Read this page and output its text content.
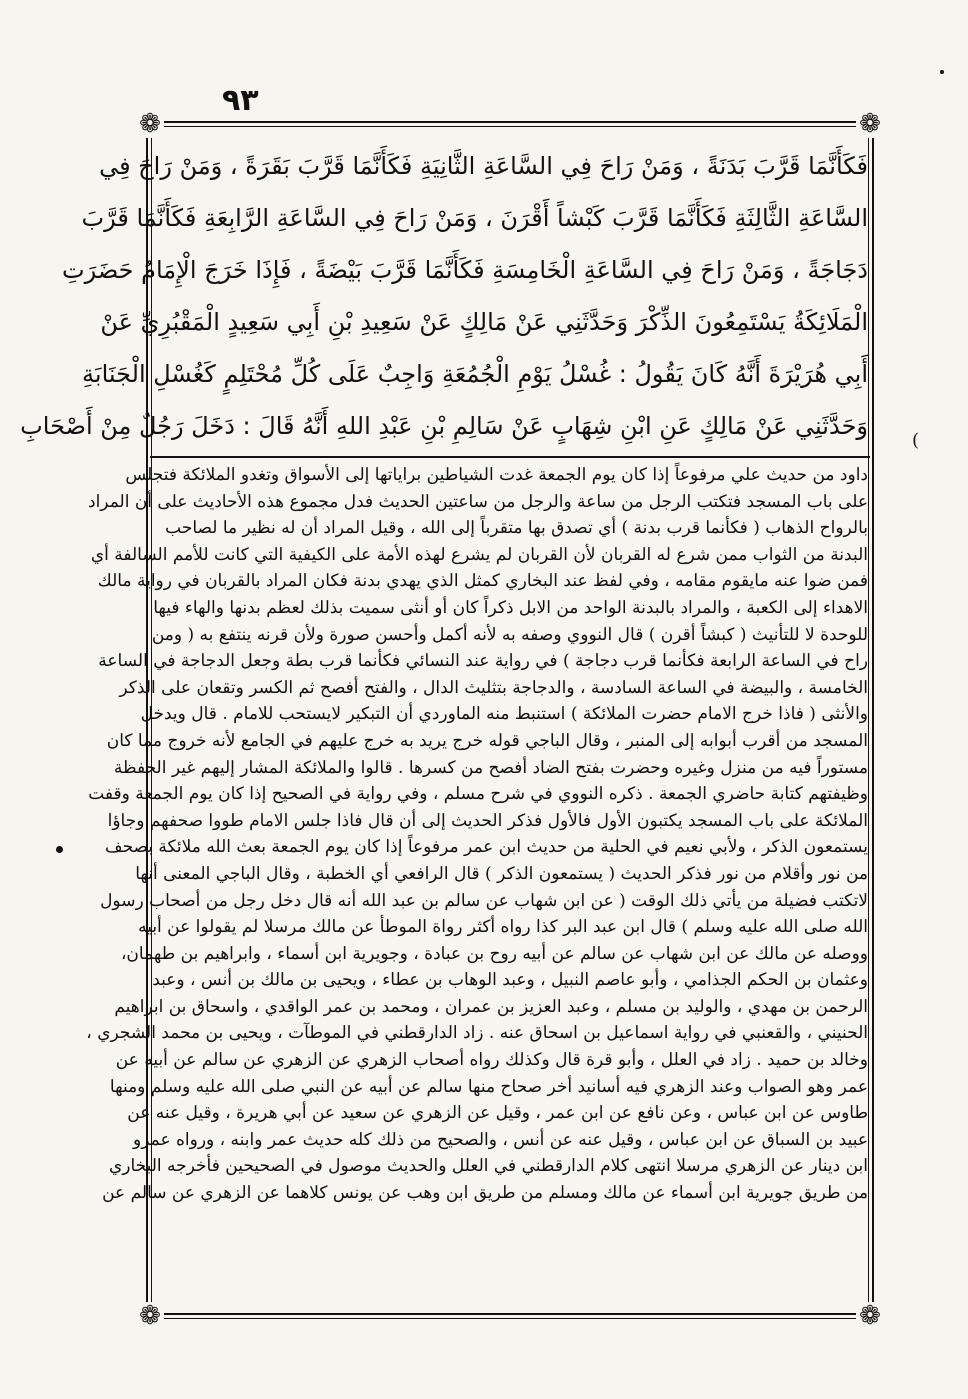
٩٣
❁	❁
❁	❁
فَكَأَنَّمَا قَرَّبَ بَدَنَةً ، وَمَنْ رَاحَ فِي السَّاعَةِ الثَّانِيَةِ فَكَأَنَّمَا قَرَّبَ بَقَرَةً ، وَمَنْ رَاحَ فِي
السَّاعَةِ الثَّالِثَةِ فَكَأَنَّمَا قَرَّبَ كَبْشاً أَقْرَنَ ، وَمَنْ رَاحَ فِي السَّاعَةِ الرَّابِعَةِ فَكَأَنَّمَا قَرَّبَ
دَجَاجَةً ، وَمَنْ رَاحَ فِي السَّاعَةِ الْخَامِسَةِ فَكَأَنَّمَا قَرَّبَ بَيْضَةً ، فَإِذَا خَرَجَ الْإِمَامُ حَضَرَتِ
الْمَلَائِكَةُ يَسْتَمِعُونَ الذِّكْرَ وَحَدَّثَنِي عَنْ مَالِكٍ عَنْ سَعِيدِ بْنِ أَبِي سَعِيدٍ الْمَقْبُرِيِّ عَنْ
أَبِي هُرَيْرَةَ أَنَّهُ كَانَ يَقُولُ : غُسْلُ يَوْمِ الْجُمُعَةِ وَاجِبٌ عَلَى كُلِّ مُحْتَلِمٍ كَغُسْلِ الْجَنَابَةِ
وَحَدَّثَنِي عَنْ مَالِكٍ عَنِ ابْنِ شِهَابٍ عَنْ سَالِمِ بْنِ عَبْدِ اللهِ أَنَّهُ قَالَ : دَخَلَ رَجُلٌ مِنْ أَصْحَابِ
داود من حديث علي مرفوعاً إذا كان يوم الجمعة غدت الشياطين براياتها إلى الأسواق وتغدو الملائكة فتجلس
على باب المسجد فتكتب الرجل من ساعة والرجل من ساعتين الحديث فدل مجموع هذه الأحاديث على أن المراد
بالرواح الذهاب ( فكأنما قرب بدنة ) أي تصدق بها متقرباً إلى الله ، وقيل المراد أن له نظير ما لصاحب
البدنة من الثواب ممن شرع له القربان لأن القربان لم يشرع لهذه الأمة على الكيفية التي كانت للأمم السالفة أي
فمن ضوا عنه مايقوم مقامه ، وفي لفظ عند البخاري كمثل الذي يهدي بدنة فكان المراد بالقربان في رواية مالك
الاهداء إلى الكعبة ، والمراد بالبدنة الواحد من الابل ذكراً كان أو أنثى سميت بذلك لعظم بدنها والهاء فيها
للوحدة لا للتأنيث ( كبشاً أقرن ) قال النووي وصفه به لأنه أكمل وأحسن صورة ولأن قرنه ينتفع به ( ومن
راح في الساعة الرابعة فكأنما قرب دجاجة ) في رواية عند النسائي فكأنما قرب بطة وجعل الدجاجة في الساعة
الخامسة ، والبيضة في الساعة السادسة ، والدجاجة بتثليث الدال ، والفتح أفصح ثم الكسر وتقعان على الذكر
والأنثى ( فاذا خرج الامام حضرت الملائكة ) استنبط منه الماوردي أن التبكير لايستحب للامام . قال ويدخل
المسجد من أقرب أبوابه إلى المنبر ، وقال الباجي قوله خرج يريد به خرج عليهم في الجامع لأنه خروج مما كان
مستوراً فيه من منزل وغيره وحضرت بفتح الضاد أفصح من كسرها . قالوا والملائكة المشار إليهم غير الحفظة
وظيفتهم كتابة حاضري الجمعة . ذكره النووي في شرح مسلم ، وفي رواية في الصحيح إذا كان يوم الجمعة وقفت
الملائكة على باب المسجد يكتبون الأول فالأول فذكر الحديث إلى أن قال فاذا جلس الامام طووا صحفهم وجاؤا
يستمعون الذكر ، ولأبي نعيم في الحلية من حديث ابن عمر مرفوعاً إذا كان يوم الجمعة بعث الله ملائكة بصحف
من نور وأقلام من نور فذكر الحديث ( يستمعون الذكر ) قال الرافعي أي الخطبة ، وقال الباجي المعنى أنها
لاتكتب فضيلة من يأتي ذلك الوقت ( عن ابن شهاب عن سالم بن عبد الله أنه قال دخل رجل من أصحاب رسول
الله صلى الله عليه وسلم ) قال ابن عبد البر كذا رواه أكثر رواة الموطأ عن مالك مرسلا لم يقولوا عن أبيه
ووصله عن مالك عن ابن شهاب عن سالم عن أبيه روح بن عبادة ، وجويرية ابن أسماء ، وابراهيم بن طهمان،
وعثمان بن الحكم الجذامي ، وأبو عاصم النبيل ، وعبد الوهاب بن عطاء ، ويحيى بن مالك بن أنس ، وعبد
الرحمن بن مهدي ، والوليد بن مسلم ، وعبد العزيز بن عمران ، ومحمد بن عمر الواقدي ، واسحاق بن ابراهيم
الحنيني ، والقعنبي في رواية اسماعيل بن اسحاق عنه . زاد الدارقطني في الموطآت ، ويحيى بن محمد الشجري ،
وخالد بن حميد . زاد في العلل ، وأبو قرة قال وكذلك رواه أصحاب الزهري عن الزهري عن سالم عن أبيه عن
عمر وهو الصواب وعند الزهري فيه أسانيد أخر صحاح منها سالم عن أبيه عن النبي صلى الله عليه وسلم ومنها
طاوس عن ابن عباس ، وعن نافع عن ابن عمر ، وقيل عن الزهري عن سعيد عن أبي هريرة ، وقيل عنه عن
عبيد بن السباق عن ابن عباس ، وقيل عنه عن أنس ، والصحيح من ذلك كله حديث عمر وابنه ، ورواه عمرو
ابن دينار عن الزهري مرسلا انتهى كلام الدارقطني في العلل والحديث موصول في الصحيحين فأخرجه البخاري
من طريق جويرية ابن أسماء عن مالك ومسلم من طريق ابن وهب عن يونس كلاهما عن الزهري عن سالم عن
(
